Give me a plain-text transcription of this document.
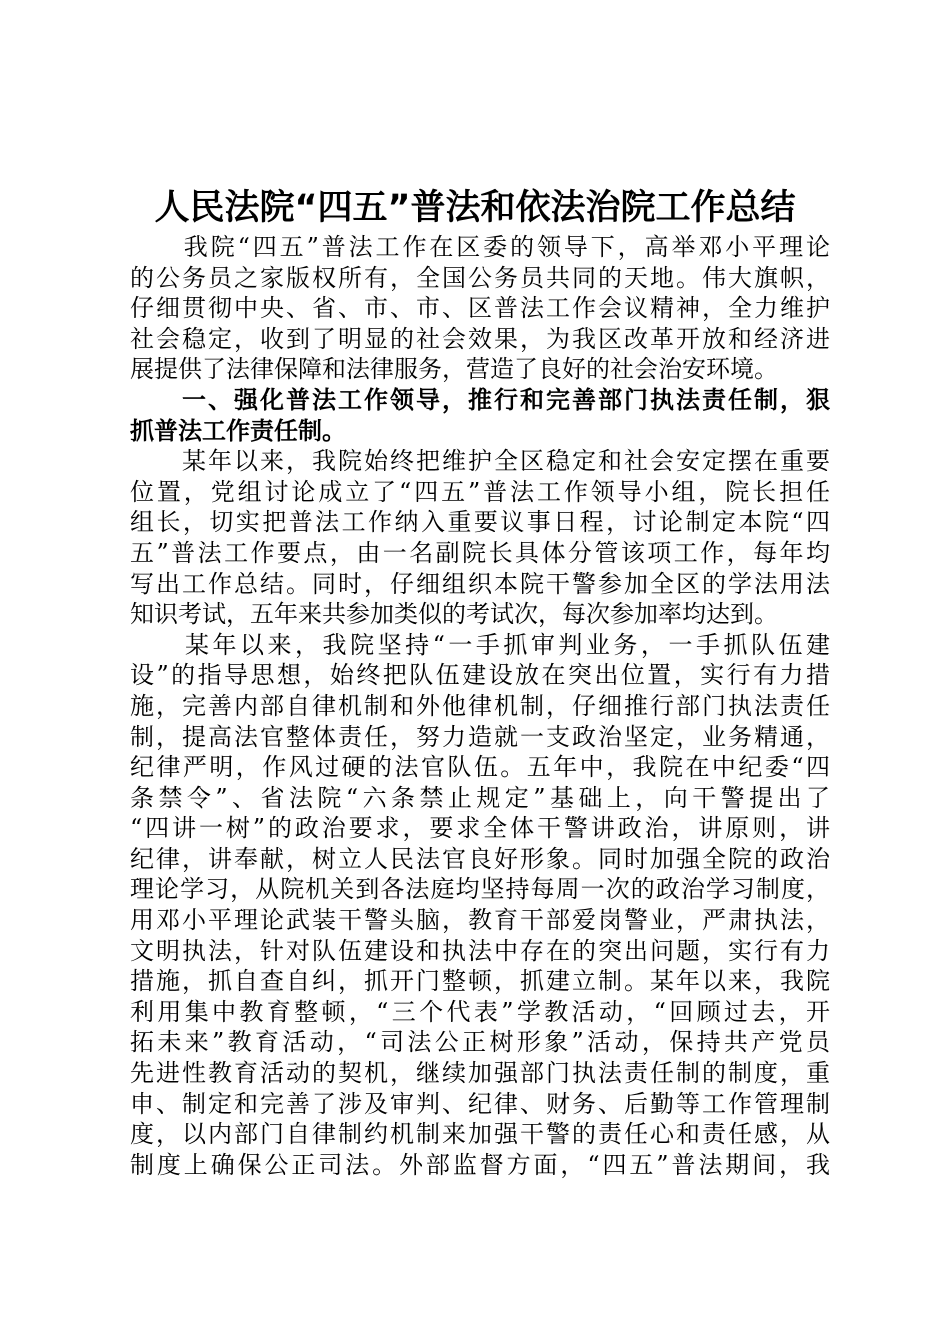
人民法院“四五”普法和依法治院工作总结
　　我院“四五”普法工作在区委的领导下，高举邓小平理论
的公务员之家版权所有，全国公务员共同的天地。伟大旗帜，
仔细贯彻中央、省、市、市、区普法工作会议精神，全力维护
社会稳定，收到了明显的社会效果，为我区改革开放和经济进
展提供了法律保障和法律服务，营造了良好的社会治安环境。
　　一、强化普法工作领导，推行和完善部门执法责任制，狠
抓普法工作责任制。
　　某年以来，我院始终把维护全区稳定和社会安定摆在重要
位置，党组讨论成立了“四五”普法工作领导小组，院长担任
组长，切实把普法工作纳入重要议事日程，讨论制定本院“四
五”普法工作要点，由一名副院长具体分管该项工作，每年均
写出工作总结。同时，仔细组织本院干警参加全区的学法用法
知识考试，五年来共参加类似的考试次，每次参加率均达到。
　　某年以来，我院坚持“一手抓审判业务，一手抓队伍建
设”的指导思想，始终把队伍建设放在突出位置，实行有力措
施，完善内部自律机制和外他律机制，仔细推行部门执法责任
制，提高法官整体责任，努力造就一支政治坚定，业务精通，
纪律严明，作风过硬的法官队伍。五年中，我院在中纪委“四
条禁令”、省法院“六条禁止规定”基础上，向干警提出了
“四讲一树”的政治要求，要求全体干警讲政治，讲原则，讲
纪律，讲奉献，树立人民法官良好形象。同时加强全院的政治
理论学习，从院机关到各法庭均坚持每周一次的政治学习制度，
用邓小平理论武装干警头脑，教育干部爱岗警业，严肃执法，
文明执法，针对队伍建设和执法中存在的突出问题，实行有力
措施，抓自查自纠，抓开门整顿，抓建立制。某年以来，我院
利用集中教育整顿，“三个代表”学教活动，“回顾过去，开
拓未来”教育活动，“司法公正树形象”活动，保持共产党员
先进性教育活动的契机，继续加强部门执法责任制的制度，重
申、制定和完善了涉及审判、纪律、财务、后勤等工作管理制
度，以内部门自律制约机制来加强干警的责任心和责任感，从
制度上确保公正司法。外部监督方面，“四五”普法期间，我
